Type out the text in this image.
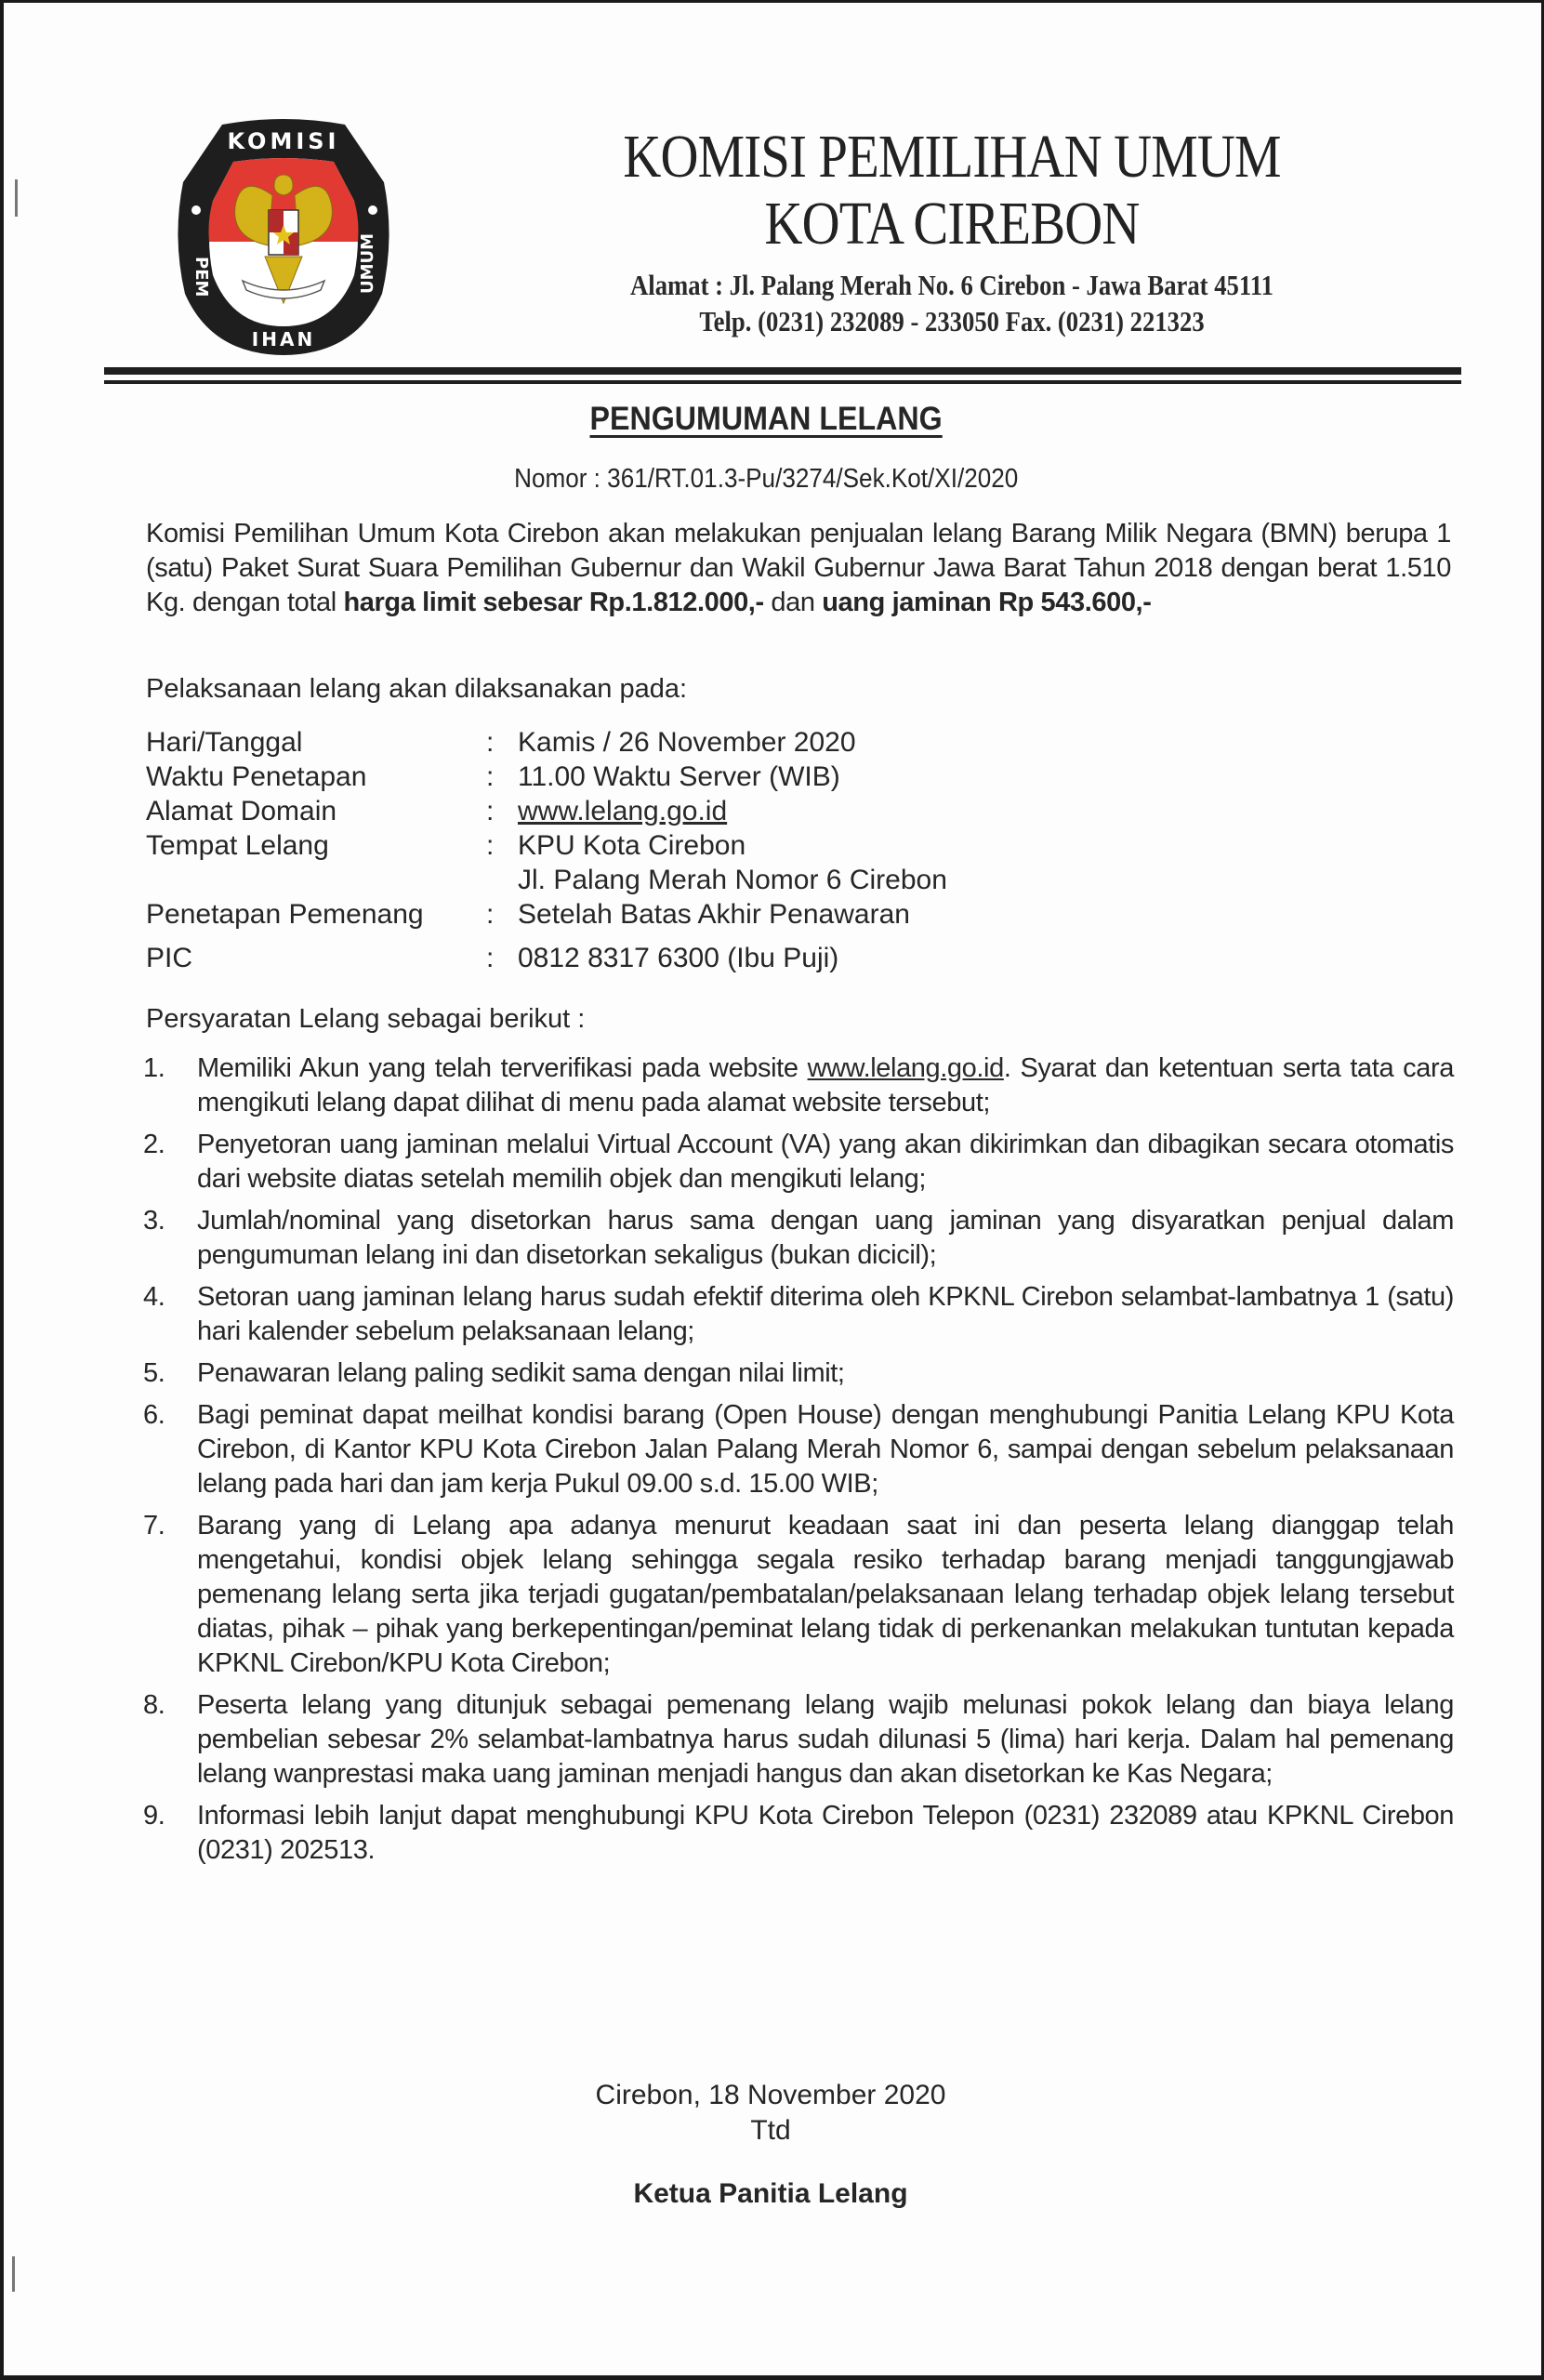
KOMISI
IHAN
PEM	UMUM
KOMISI PEMILIHAN UMUM
KOTA CIREBON
Alamat : Jl. Palang Merah No. 6 Cirebon - Jawa Barat 45111
Telp. (0231) 232089 - 233050 Fax. (0231) 221323
PENGUMUMAN LELANG
Nomor : 361/RT.01.3-Pu/3274/Sek.Kot/XI/2020
Komisi Pemilihan Umum Kota Cirebon akan melakukan penjualan lelang Barang Milik Negara (BMN) berupa 1 (satu) Paket Surat Suara Pemilihan Gubernur dan Wakil Gubernur Jawa Barat Tahun 2018 dengan berat 1.510 Kg. dengan total harga limit sebesar Rp.1.812.000,- dan uang jaminan Rp 543.600,-
Pelaksanaan lelang akan dilaksanakan pada:
Hari/Tanggal	: Kamis / 26 November 2020
Waktu Penetapan	: 11.00 Waktu Server (WIB)
Alamat Domain	: www.lelang.go.id
Tempat Lelang	: KPU Kota Cirebon
Jl. Palang Merah Nomor 6 Cirebon
Penetapan Pemenang	: Setelah Batas Akhir Penawaran
PIC	: 0812 8317 6300 (Ibu Puji)
Persyaratan Lelang sebagai berikut :
1.	Memiliki Akun yang telah terverifikasi pada website www.lelang.go.id. Syarat dan ketentuan serta tata cara mengikuti lelang dapat dilihat di menu pada alamat website tersebut;
2.	Penyetoran uang jaminan melalui Virtual Account (VA) yang akan dikirimkan dan dibagikan secara otomatis dari website diatas setelah memilih objek dan mengikuti lelang;
3.	Jumlah/nominal yang disetorkan harus sama dengan uang jaminan yang disyaratkan penjual dalam pengumuman lelang ini dan disetorkan sekaligus (bukan dicicil);
4.	Setoran uang jaminan lelang harus sudah efektif diterima oleh KPKNL Cirebon selambat-lambatnya 1 (satu) hari kalender sebelum pelaksanaan lelang;
5.	Penawaran lelang paling sedikit sama dengan nilai limit;
6.	Bagi peminat dapat meilhat kondisi barang (Open House) dengan menghubungi Panitia Lelang KPU Kota Cirebon, di Kantor KPU Kota Cirebon Jalan Palang Merah Nomor 6, sampai dengan sebelum pelaksanaan lelang pada hari dan jam kerja Pukul 09.00 s.d. 15.00 WIB;
7.	Barang yang di Lelang apa adanya menurut keadaan saat ini dan peserta lelang dianggap telah mengetahui, kondisi objek lelang sehingga segala resiko terhadap barang menjadi tanggungjawab pemenang lelang serta jika terjadi gugatan/pembatalan/pelaksanaan lelang terhadap objek lelang tersebut diatas, pihak – pihak yang berkepentingan/peminat lelang tidak di perkenankan melakukan tuntutan kepada KPKNL Cirebon/KPU Kota Cirebon;
8.	Peserta lelang yang ditunjuk sebagai pemenang lelang wajib melunasi pokok lelang dan biaya lelang pembelian sebesar 2% selambat-lambatnya harus sudah dilunasi 5 (lima) hari kerja. Dalam hal pemenang lelang wanprestasi maka uang jaminan menjadi hangus dan akan disetorkan ke Kas Negara;
9.	Informasi lebih lanjut dapat menghubungi KPU Kota Cirebon Telepon (0231) 232089 atau KPKNL Cirebon (0231) 202513.
Cirebon, 18 November 2020
Ttd
Ketua Panitia Lelang
